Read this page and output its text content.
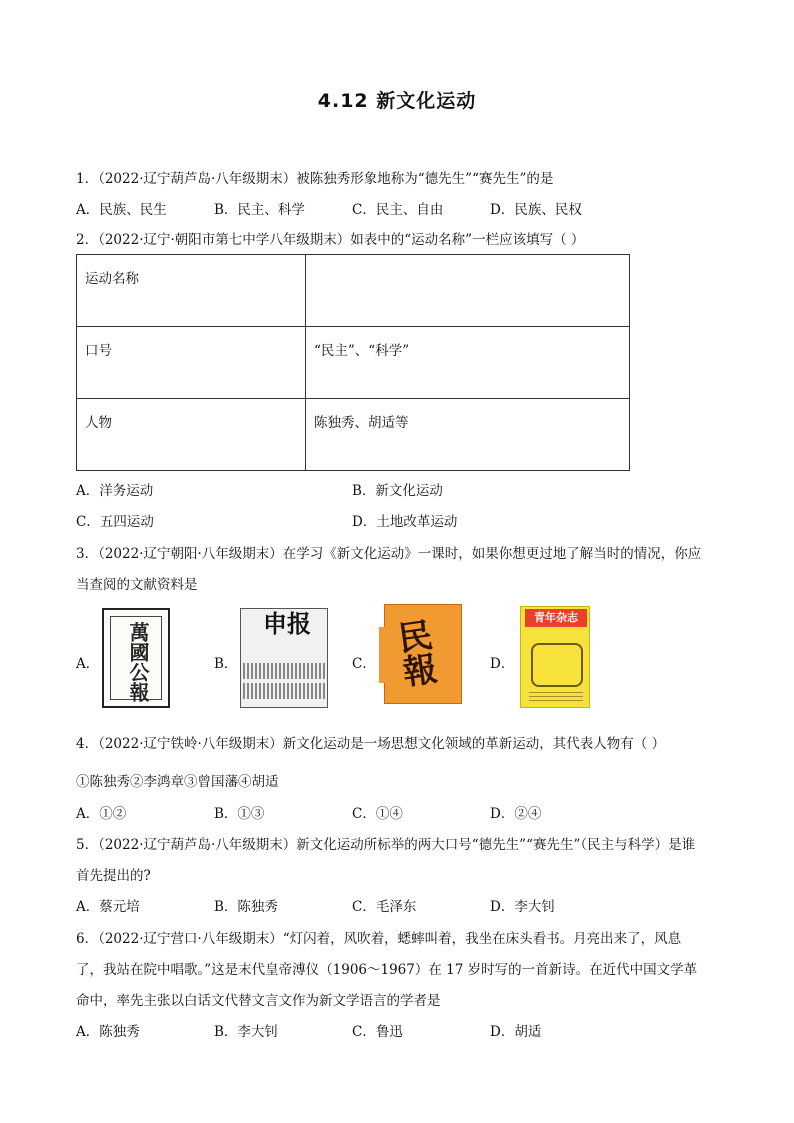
4.12 新文化运动
1．（2022·辽宁葫芦岛·八年级期末）被陈独秀形象地称为“德先生”“赛先生”的是
A．民族、民生	B．民主、科学	C．民主、自由	D．民族、民权
2．（2022·辽宁·朝阳市第七中学八年级期末）如表中的“运动名称”一栏应该填写（ ）
运动名称	
口号	“民主”、“科学”
人物	陈独秀、胡适等
A．洋务运动	B．新文化运动
C．五四运动	D．土地改革运动
3．（2022·辽宁朝阳·八年级期末）在学习《新文化运动》一课时，如果你想更过地了解当时的情况，你应
当查阅的文献资料是
A．	萬國公報	B．
申报
C． 民報	D．
青年杂志
4．（2022·辽宁铁岭·八年级期末）新文化运动是一场思想文化领域的革新运动，其代表人物有（ ）
①陈独秀②李鸿章③曾国藩④胡适
A．①②	B．①③	C．①④	D．②④
5．（2022·辽宁葫芦岛·八年级期末）新文化运动所标举的两大口号“德先生”“赛先生”（民主与科学）是谁
首先提出的?
A．蔡元培	B．陈独秀	C．毛泽东	D．李大钊
6．（2022·辽宁营口·八年级期末）“灯闪着，风吹着，蟋蟀叫着，我坐在床头看书。月亮出来了，风息
了，我站在院中唱歌。”这是末代皇帝溥仪（1906～1967）在 17 岁时写的一首新诗。在近代中国文学革
命中，率先主张以白话文代替文言文作为新文学语言的学者是
A．陈独秀	B．李大钊	C．鲁迅	D．胡适
